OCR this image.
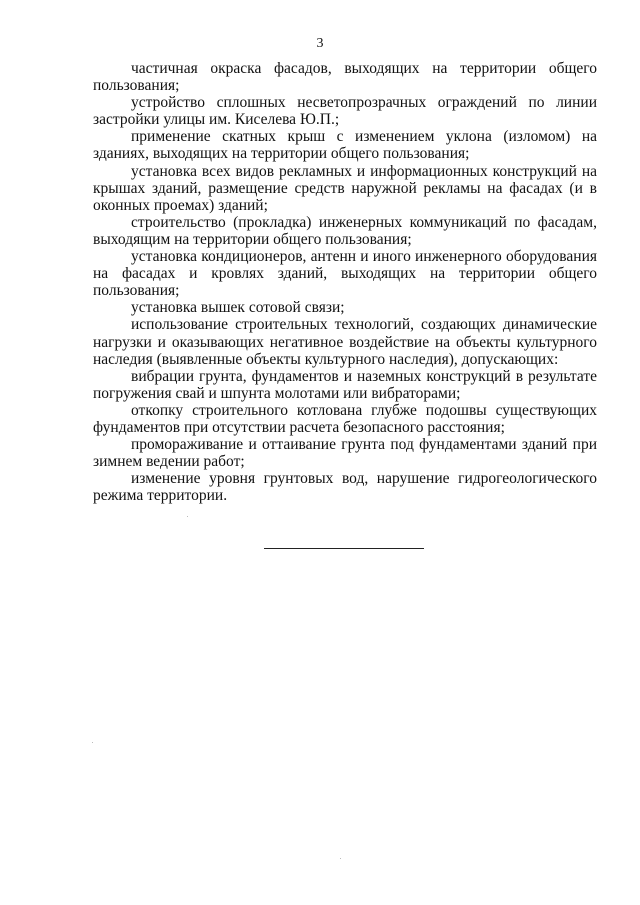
3

частичная окраска фасадов, выходящих на территории общего пользования;

устройство сплошных несветопрозрачных ограждений по линии застройки улицы им. Киселева Ю.П.;

применение скатных крыш с изменением уклона (изломом) на зданиях, выходящих на территории общего пользования;

установка всех видов рекламных и информационных конструкций на крышах зданий, размещение средств наружной рекламы на фасадах (и в оконных проемах) зданий;

строительство (прокладка) инженерных коммуникаций по фасадам, выходящим на территории общего пользования;

установка кондиционеров, антенн и иного инженерного оборудования на фасадах и кровлях зданий, выходящих на территории общего пользования;

установка вышек сотовой связи;

использование строительных технологий, создающих динамические нагрузки и оказывающих негативное воздействие на объекты культурного наследия (выявленные объекты культурного наследия), допускающих:

вибрации грунта, фундаментов и наземных конструкций в результате погружения свай и шпунта молотами или вибраторами;

откопку строительного котлована глубже подошвы существующих фундаментов при отсутствии расчета безопасного расстояния;

промораживание и оттаивание грунта под фундаментами зданий при зимнем ведении работ;

изменение уровня грунтовых вод, нарушение гидрогеологического режима территории.
